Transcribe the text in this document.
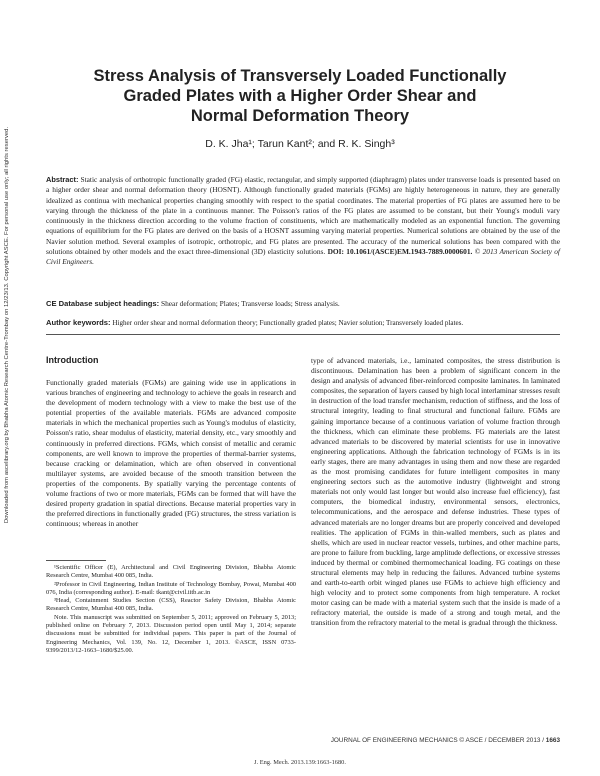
Downloaded from ascelibrary.org by Bhabha Atomic Research Centre-Trombay on 12/23/13. Copyright ASCE. For personal use only; all rights reserved.
Stress Analysis of Transversely Loaded Functionally
Graded Plates with a Higher Order Shear and
Normal Deformation Theory
D. K. Jha¹; Tarun Kant²; and R. K. Singh³
Abstract: Static analysis of orthotropic functionally graded (FG) elastic, rectangular, and simply supported (diaphragm) plates under transverse loads is presented based on a higher order shear and normal deformation theory (HOSNT). Although functionally graded materials (FGMs) are highly heterogeneous in nature, they are generally idealized as continua with mechanical properties changing smoothly with respect to the spatial coordinates. The material properties of FG plates are assumed here to be varying through the thickness of the plate in a continuous manner. The Poisson's ratios of the FG plates are assumed to be constant, but their Young's moduli vary continuously in the thickness direction according to the volume fraction of constituents, which are mathematically modeled as an exponential function. The governing equations of equilibrium for the FG plates are derived on the basis of a HOSNT assuming varying material properties. Numerical solutions are obtained by the use of the Navier solution method. Several examples of isotropic, orthotropic, and FG plates are presented. The accuracy of the numerical solutions has been compared with the solutions obtained by other models and the exact three-dimensional (3D) elasticity solutions. DOI: 10.1061/(ASCE)EM.1943-7889.0000601. © 2013 American Society of Civil Engineers.
CE Database subject headings: Shear deformation; Plates; Transverse loads; Stress analysis.
Author keywords: Higher order shear and normal deformation theory; Functionally graded plates; Navier solution; Transversely loaded plates.
Introduction

Functionally graded materials (FGMs) are gaining wide use in applications in various branches of engineering and technology to achieve the goals in research and the development of modern technology with a view to make the best use of the potential properties of the available materials. FGMs are advanced composite materials in which the mechanical properties such as Young's modulus of elasticity, Poisson's ratio, shear modulus of elasticity, material density, etc., vary smoothly and continuously in preferred directions. FGMs, which consist of metallic and ceramic components, are well known to improve the properties of thermal-barrier systems, because cracking or delamination, which are often observed in conventional multilayer systems, are avoided because of the smooth transition between the properties of the components. By spatially varying the percentage contents of volume fractions of two or more materials, FGMs can be formed that will have the desired property gradation in spatial directions. Because material properties vary in the preferred directions in functionally graded (FG) structures, the stress variation is continuous; whereas in another

¹Scientific Officer (E), Architectural and Civil Engineering Division, Bhabha Atomic Research Centre, Mumbai 400 085, India.

²Professor in Civil Engineering, Indian Institute of Technology Bombay, Powai, Mumbai 400 076, India (corresponding author). E-mail: tkant@civil.iitb.ac.in

³Head, Containment Studies Section (CSS), Reactor Safety Division, Bhabha Atomic Research Centre, Mumbai 400 085, India.

Note. This manuscript was submitted on September 5, 2011; approved on February 5, 2013; published online on February 7, 2013. Discussion period open until May 1, 2014; separate discussions must be submitted for individual papers. This paper is part of the Journal of Engineering Mechanics, Vol. 139, No. 12, December 1, 2013. ©ASCE, ISSN 0733-9399/2013/12-1663–1680/$25.00.

type of advanced materials, i.e., laminated composites, the stress distribution is discontinuous. Delamination has been a problem of significant concern in the design and analysis of advanced fiber-reinforced composite laminates. In laminated composites, the separation of layers caused by high local interlaminar stresses result in destruction of the load transfer mechanism, reduction of stiffness, and the loss of structural integrity, leading to final structural and functional failure. FGMs are gaining importance because of a continuous variation of volume fraction through the thickness, which can eliminate these problems. FG materials are the latest advanced materials to be discovered by material scientists for use in innovative engineering applications. Although the fabrication technology of FGMs is in its early stages, there are many advantages in using them and now these are regarded as the most promising candidates for future intelligent composites in many engineering sectors such as the automotive industry (lightweight and strong materials not only would last longer but would also increase fuel efficiency), fast computers, the biomedical industry, environmental sensors, electronics, telecommunications, and the aerospace and defense industries. These types of advanced materials are no longer dreams but are properly conceived and developed realities. The application of FGMs in thin-walled members, such as plates and shells, which are used in nuclear reactor vessels, turbines, and other machine parts, are prone to failure from buckling, large amplitude deflections, or excessive stresses induced by thermal or combined thermomechanical loading. FG coatings on these structural elements may help in reducing the failures. Advanced turbine systems and earth-to-earth orbit winged planes use FGMs to achieve high efficiency and high velocity and to protect some components from high temperature. A rocket motor casing can be made with a material system such that the inside is made of a refractory material, the outside is made of a strong and tough metal, and the transition from the refractory material to the metal is gradual through the thickness.

JOURNAL OF ENGINEERING MECHANICS © ASCE / DECEMBER 2013 / 1663
J. Eng. Mech. 2013.139:1663-1680.
